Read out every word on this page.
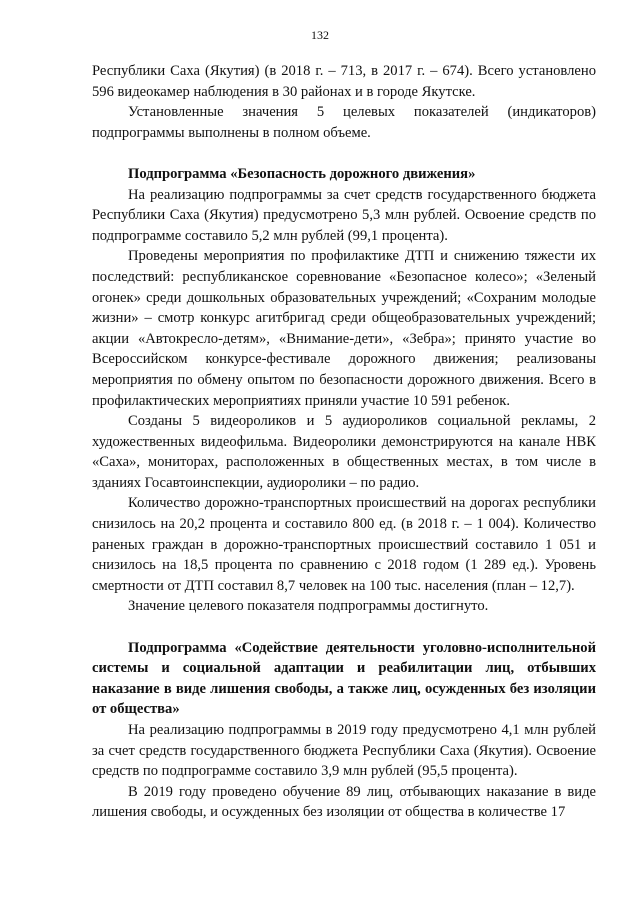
132

Республики Саха (Якутия) (в 2018 г. – 713, в 2017 г. – 674). Всего установлено 596 видеокамер наблюдения в 30 районах и в городе Якутске.

Установленные значения 5 целевых показателей (индикаторов) подпрограммы выполнены в полном объеме.

Подпрограмма «Безопасность дорожного движения»

На реализацию подпрограммы за счет средств государственного бюджета Республики Саха (Якутия) предусмотрено 5,3 млн рублей. Освоение средств по подпрограмме составило 5,2 млн рублей (99,1 процента).

Проведены мероприятия по профилактике ДТП и снижению тяжести их последствий: республиканское соревнование «Безопасное колесо»; «Зеленый огонек» среди дошкольных образовательных учреждений; «Сохраним молодые жизни» – смотр конкурс агитбригад среди общеобразовательных учреждений; акции «Автокресло-детям», «Внимание-дети», «Зебра»; принято участие во Всероссийском конкурсе-фестивале дорожного движения; реализованы мероприятия по обмену опытом по безопасности дорожного движения. Всего в профилактических мероприятиях приняли участие 10 591 ребенок.

Созданы 5 видеороликов и 5 аудиороликов социальной рекламы, 2 художественных видеофильма. Видеоролики демонстрируются на канале НВК «Саха», мониторах, расположенных в общественных местах, в том числе в зданиях Госавтоинспекции, аудиоролики – по радио.

Количество дорожно-транспортных происшествий на дорогах республики снизилось на 20,2 процента и составило 800 ед. (в 2018 г. – 1 004). Количество раненых граждан в дорожно-транспортных происшествий составило 1 051 и снизилось на 18,5 процента по сравнению с 2018 годом (1 289 ед.). Уровень смертности от ДТП составил 8,7 человек на 100 тыс. населения (план – 12,7).

Значение целевого показателя подпрограммы достигнуто.

Подпрограмма «Содействие деятельности уголовно-исполнительной системы и социальной адаптации и реабилитации лиц, отбывших наказание в виде лишения свободы, а также лиц, осужденных без изоляции от общества»

На реализацию подпрограммы в 2019 году предусмотрено 4,1 млн рублей за счет средств государственного бюджета Республики Саха (Якутия). Освоение средств по подпрограмме составило 3,9 млн рублей (95,5 процента).

В 2019 году проведено обучение 89 лиц, отбывающих наказание в виде лишения свободы, и осужденных без изоляции от общества в количестве 17
